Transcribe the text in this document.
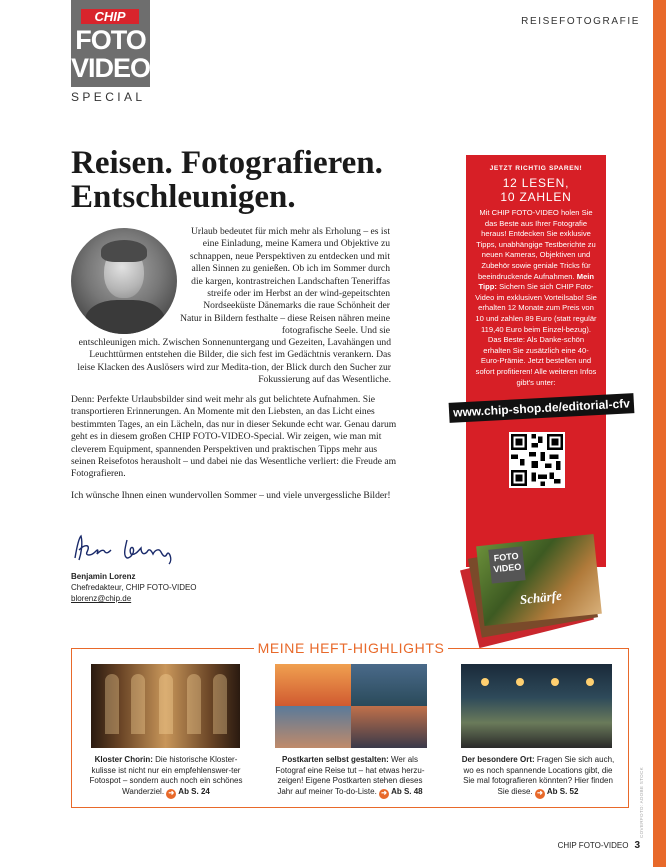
CHIP
FOTO
VIDEO
SPECIAL
REISEFOTOGRAFIE
Reisen. Fotografieren.
Entschleunigen.

Urlaub bedeutet für mich mehr als Erholung – es ist eine Einladung, meine Kamera und Objektive zu schnappen, neue Perspektiven zu entdecken und mit allen Sinnen zu genießen. Ob ich im Sommer durch die kargen, kontrastreichen Landschaften Teneriffas streife oder im Herbst an der wind-gepeitschten Nordseeküste Dänemarks die raue Schönheit der Natur in Bildern festhalte – diese Reisen nähren meine fotografische Seele. Und sie

entschleunigen mich. Zwischen Sonnenuntergang und Gezeiten, Lavahängen und Leuchttürmen entstehen die Bilder, die sich fest im Gedächtnis verankern. Das leise Klacken des Auslösers wird zur Medita-tion, der Blick durch den Sucher zur Fokussierung auf das Wesentliche.

Denn: Perfekte Urlaubsbilder sind weit mehr als gut belichtete Aufnahmen. Sie transportieren Erinnerungen. An Momente mit den Liebsten, an das Licht eines bestimmten Tages, an ein Lächeln, das nur in dieser Sekunde echt war. Genau darum geht es in diesem großen CHIP FOTO-VIDEO-Special. Wir zeigen, wie man mit cleverem Equipment, spannenden Perspektiven und praktischen Tipps mehr aus seinen Reisefotos herausholt – und dabei nie das Wesentliche verliert: die Freude am Fotografieren.

Ich wünsche Ihnen einen wundervollen Sommer – und viele unvergessliche Bilder!

Benjamin Lorenz
Chefredakteur, CHIP FOTO-VIDEO
blorenz@chip.de
JETZT RICHTIG SPAREN!
12 LESEN,
10 ZAHLEN
Mit CHIP FOTO-VIDEO holen Sie das Beste aus Ihrer Fotografie heraus! Entdecken Sie exklusive Tipps, unabhängige Testberichte zu neuen Kameras, Objektiven und Zubehör sowie geniale Tricks für beeindruckende Aufnahmen. Mein Tipp: Sichern Sie sich CHIP Foto-Video im exklusiven Vorteilsabo! Sie erhalten 12 Monate zum Preis von 10 und zahlen 89 Euro (statt regulär 119,40 Euro beim Einzel-bezug). Das Beste: Als Danke-schön erhalten Sie zusätzlich eine 40-Euro-Prämie. Jetzt bestellen und sofort profitieren! Alle weiteren Infos gibt's unter:
www.chip-shop.de/editorial-cfv
Schärfe
FOTO
VIDEO
MEINE HEFT-HIGHLIGHTS
Kloster Chorin: Die historische Kloster-kulisse ist nicht nur ein empfehlenswer-ter Fotospot – sondern auch noch ein schönes Wanderziel. ➜ Ab S. 24
Postkarten selbst gestalten: Wer als Fotograf eine Reise tut – hat etwas herzu-zeigen! Eigene Postkarten stehen dieses Jahr auf meiner To-do-Liste. ➜ Ab S. 48
Der besondere Ort: Fragen Sie sich auch, wo es noch spannende Locations gibt, die Sie mal fotografieren könnten? Hier finden Sie diese. ➜ Ab S. 52	COVERFOTO: ADOBE STOCK
CHIP FOTO-VIDEO 3
